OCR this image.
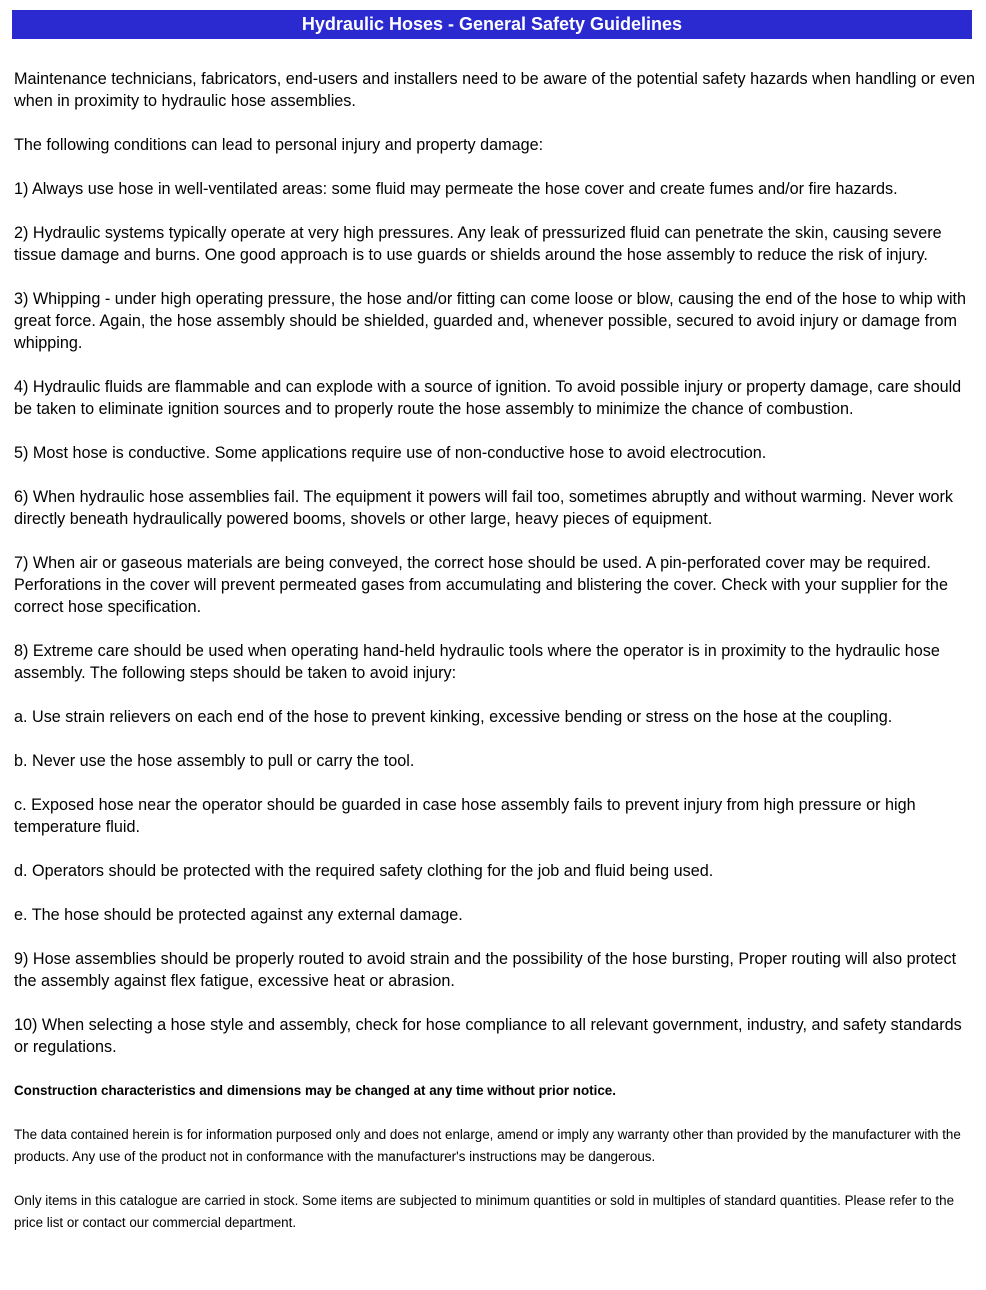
Hydraulic Hoses - General Safety Guidelines

Maintenance technicians, fabricators, end-users and installers need to be aware of the potential safety hazards when handling or even when in proximity to hydraulic hose assemblies.

The following conditions can lead to personal injury and property damage:

1) Always use hose in well-ventilated areas: some fluid may permeate the hose cover and create fumes and/or fire hazards.

2) Hydraulic systems typically operate at very high pressures. Any leak of pressurized fluid can penetrate the skin, causing severe tissue damage and burns. One good approach is to use guards or shields around the hose assembly to reduce the risk of injury.

3) Whipping - under high operating pressure, the hose and/or fitting can come loose or blow, causing the end of the hose to whip with great force. Again, the hose assembly should be shielded, guarded and, whenever possible, secured to avoid injury or damage from whipping.

4) Hydraulic fluids are flammable and can explode with a source of ignition. To avoid possible injury or property damage, care should be taken to eliminate ignition sources and to properly route the hose assembly to minimize the chance of combustion.

5) Most hose is conductive. Some applications require use of non-conductive hose to avoid electrocution.

6) When hydraulic hose assemblies fail. The equipment it powers will fail too, sometimes abruptly and without warming. Never work directly beneath hydraulically powered booms, shovels or other large, heavy pieces of equipment.

7) When air or gaseous materials are being conveyed, the correct hose should be used. A pin-perforated cover may be required. Perforations in the cover will prevent permeated gases from accumulating and blistering the cover. Check with your supplier for the correct hose specification.

8) Extreme care should be used when operating hand-held hydraulic tools where the operator is in proximity to the hydraulic hose assembly. The following steps should be taken to avoid injury:

a. Use strain relievers on each end of the hose to prevent kinking, excessive bending or stress on the hose at the coupling.

b. Never use the hose assembly to pull or carry the tool.

c. Exposed hose near the operator should be guarded in case hose assembly fails to prevent injury from high pressure or high temperature fluid.

d. Operators should be protected with the required safety clothing for the job and fluid being used.

e. The hose should be protected against any external damage.

9) Hose assemblies should be properly routed to avoid strain and the possibility of the hose bursting, Proper routing will also protect the assembly against flex fatigue, excessive heat or abrasion.

10) When selecting a hose style and assembly, check for hose compliance to all relevant government, industry, and safety standards or regulations.

Construction characteristics and dimensions may be changed at any time without prior notice.

The data contained herein is for information purposed only and does not enlarge, amend or imply any warranty other than provided by the manufacturer with the products. Any use of the product not in conformance with the manufacturer's instructions may be dangerous.

Only items in this catalogue are carried in stock. Some items are subjected to minimum quantities or sold in multiples of standard quantities. Please refer to the price list or contact our commercial department.
